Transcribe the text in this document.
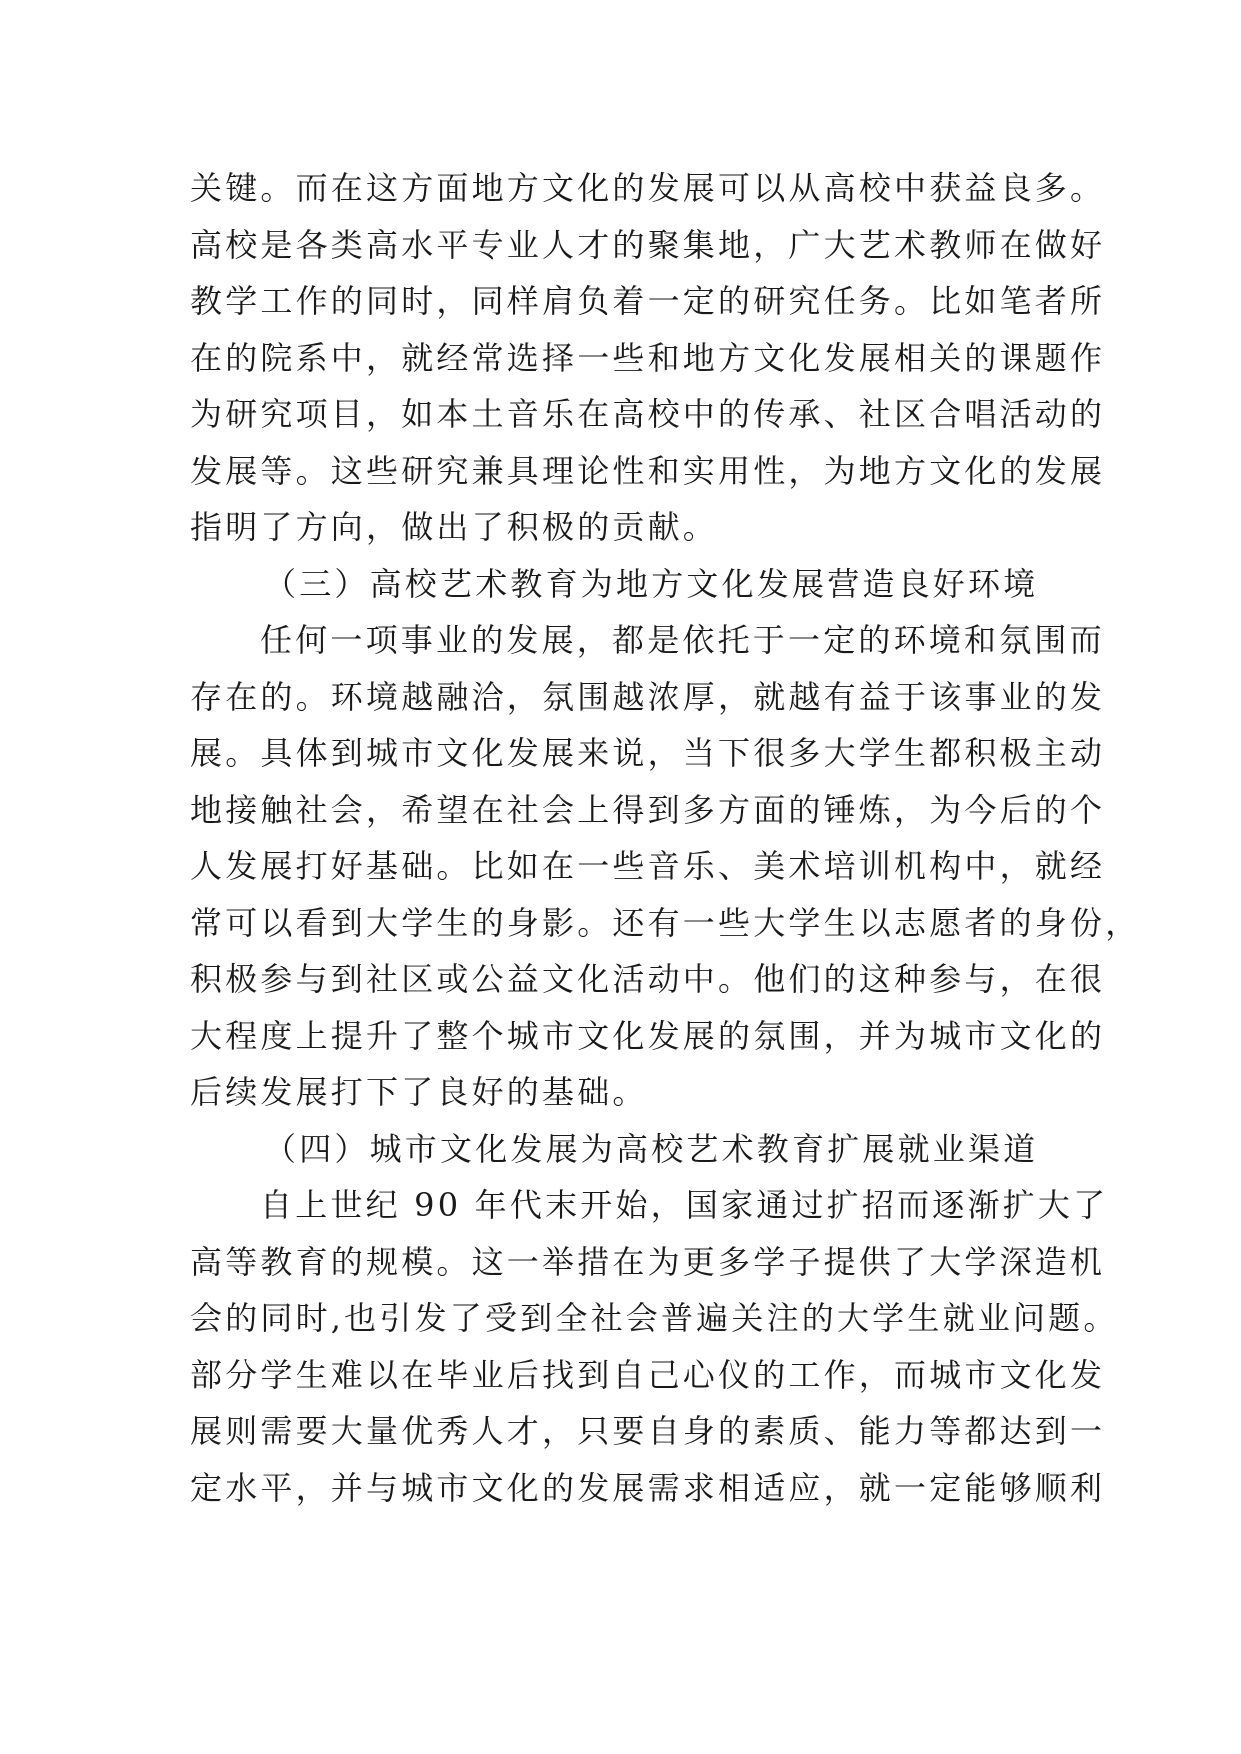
关键。而在这方面地方文化的发展可以从高校中获益良多。
高校是各类高水平专业人才的聚集地，广大艺术教师在做好
教学工作的同时，同样肩负着一定的研究任务。比如笔者所
在的院系中，就经常选择一些和地方文化发展相关的课题作
为研究项目，如本土音乐在高校中的传承、社区合唱活动的
发展等。这些研究兼具理论性和实用性，为地方文化的发展
指明了方向，做出了积极的贡献。
（三）高校艺术教育为地方文化发展营造良好环境
任何一项事业的发展，都是依托于一定的环境和氛围而
存在的。环境越融洽，氛围越浓厚，就越有益于该事业的发
展。具体到城市文化发展来说，当下很多大学生都积极主动
地接触社会，希望在社会上得到多方面的锤炼，为今后的个
人发展打好基础。比如在一些音乐、美术培训机构中，就经
常可以看到大学生的身影。还有一些大学生以志愿者的身份，
积极参与到社区或公益文化活动中。他们的这种参与，在很
大程度上提升了整个城市文化发展的氛围，并为城市文化的
后续发展打下了良好的基础。
（四）城市文化发展为高校艺术教育扩展就业渠道
自上世纪 90 年代末开始，国家通过扩招而逐渐扩大了
高等教育的规模。这一举措在为更多学子提供了大学深造机
会的同时,也引发了受到全社会普遍关注的大学生就业问题。
部分学生难以在毕业后找到自己心仪的工作，而城市文化发
展则需要大量优秀人才，只要自身的素质、能力等都达到一
定水平，并与城市文化的发展需求相适应，就一定能够顺利
